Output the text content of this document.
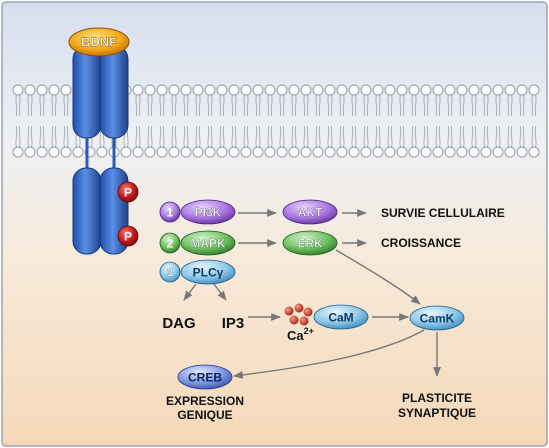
BDNF
P
P
1 PI3K	AKT	SURVIE CELLULAIRE
2 MAPK	ERK	CROISSANCE
3 PLCγ
DAG IP3
$Ca^{2+}$
CaM	CamK
CREB
EXPRESSION
GENIQUE
PLASTICITE
SYNAPTIQUE
